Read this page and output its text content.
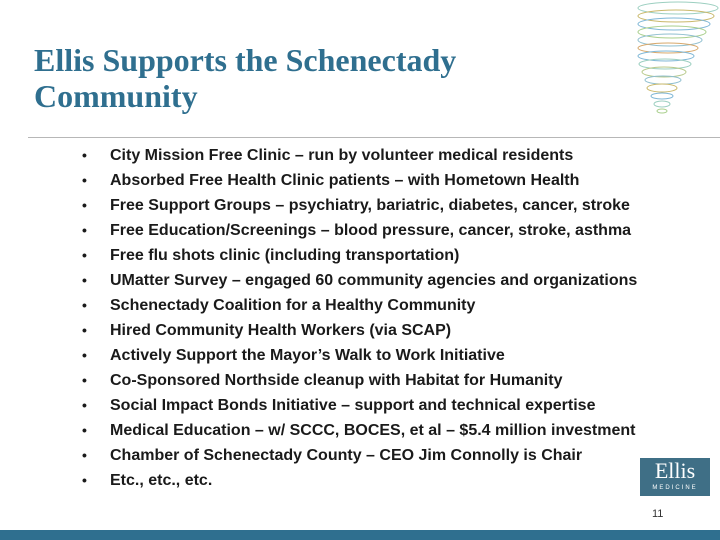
Ellis Supports the Schenectady Community
• City Mission Free Clinic – run by volunteer medical residents
• Absorbed Free Health Clinic patients – with Hometown Health
• Free Support Groups – psychiatry, bariatric, diabetes, cancer, stroke
• Free Education/Screenings – blood pressure, cancer, stroke, asthma
• Free flu shots clinic (including transportation)
• UMatter Survey – engaged 60 community agencies and organizations
• Schenectady Coalition for a Healthy Community
• Hired Community Health Workers (via SCAP)
• Actively Support the Mayor’s Walk to Work Initiative
• Co-Sponsored Northside cleanup with Habitat for Humanity
• Social Impact Bonds Initiative – support and technical expertise
• Medical Education – w/ SCCC, BOCES, et al – $5.4 million investment
• Chamber of Schenectady County – CEO Jim Connolly is Chair
• Etc., etc., etc.	Ellis
MEDICINE
11
